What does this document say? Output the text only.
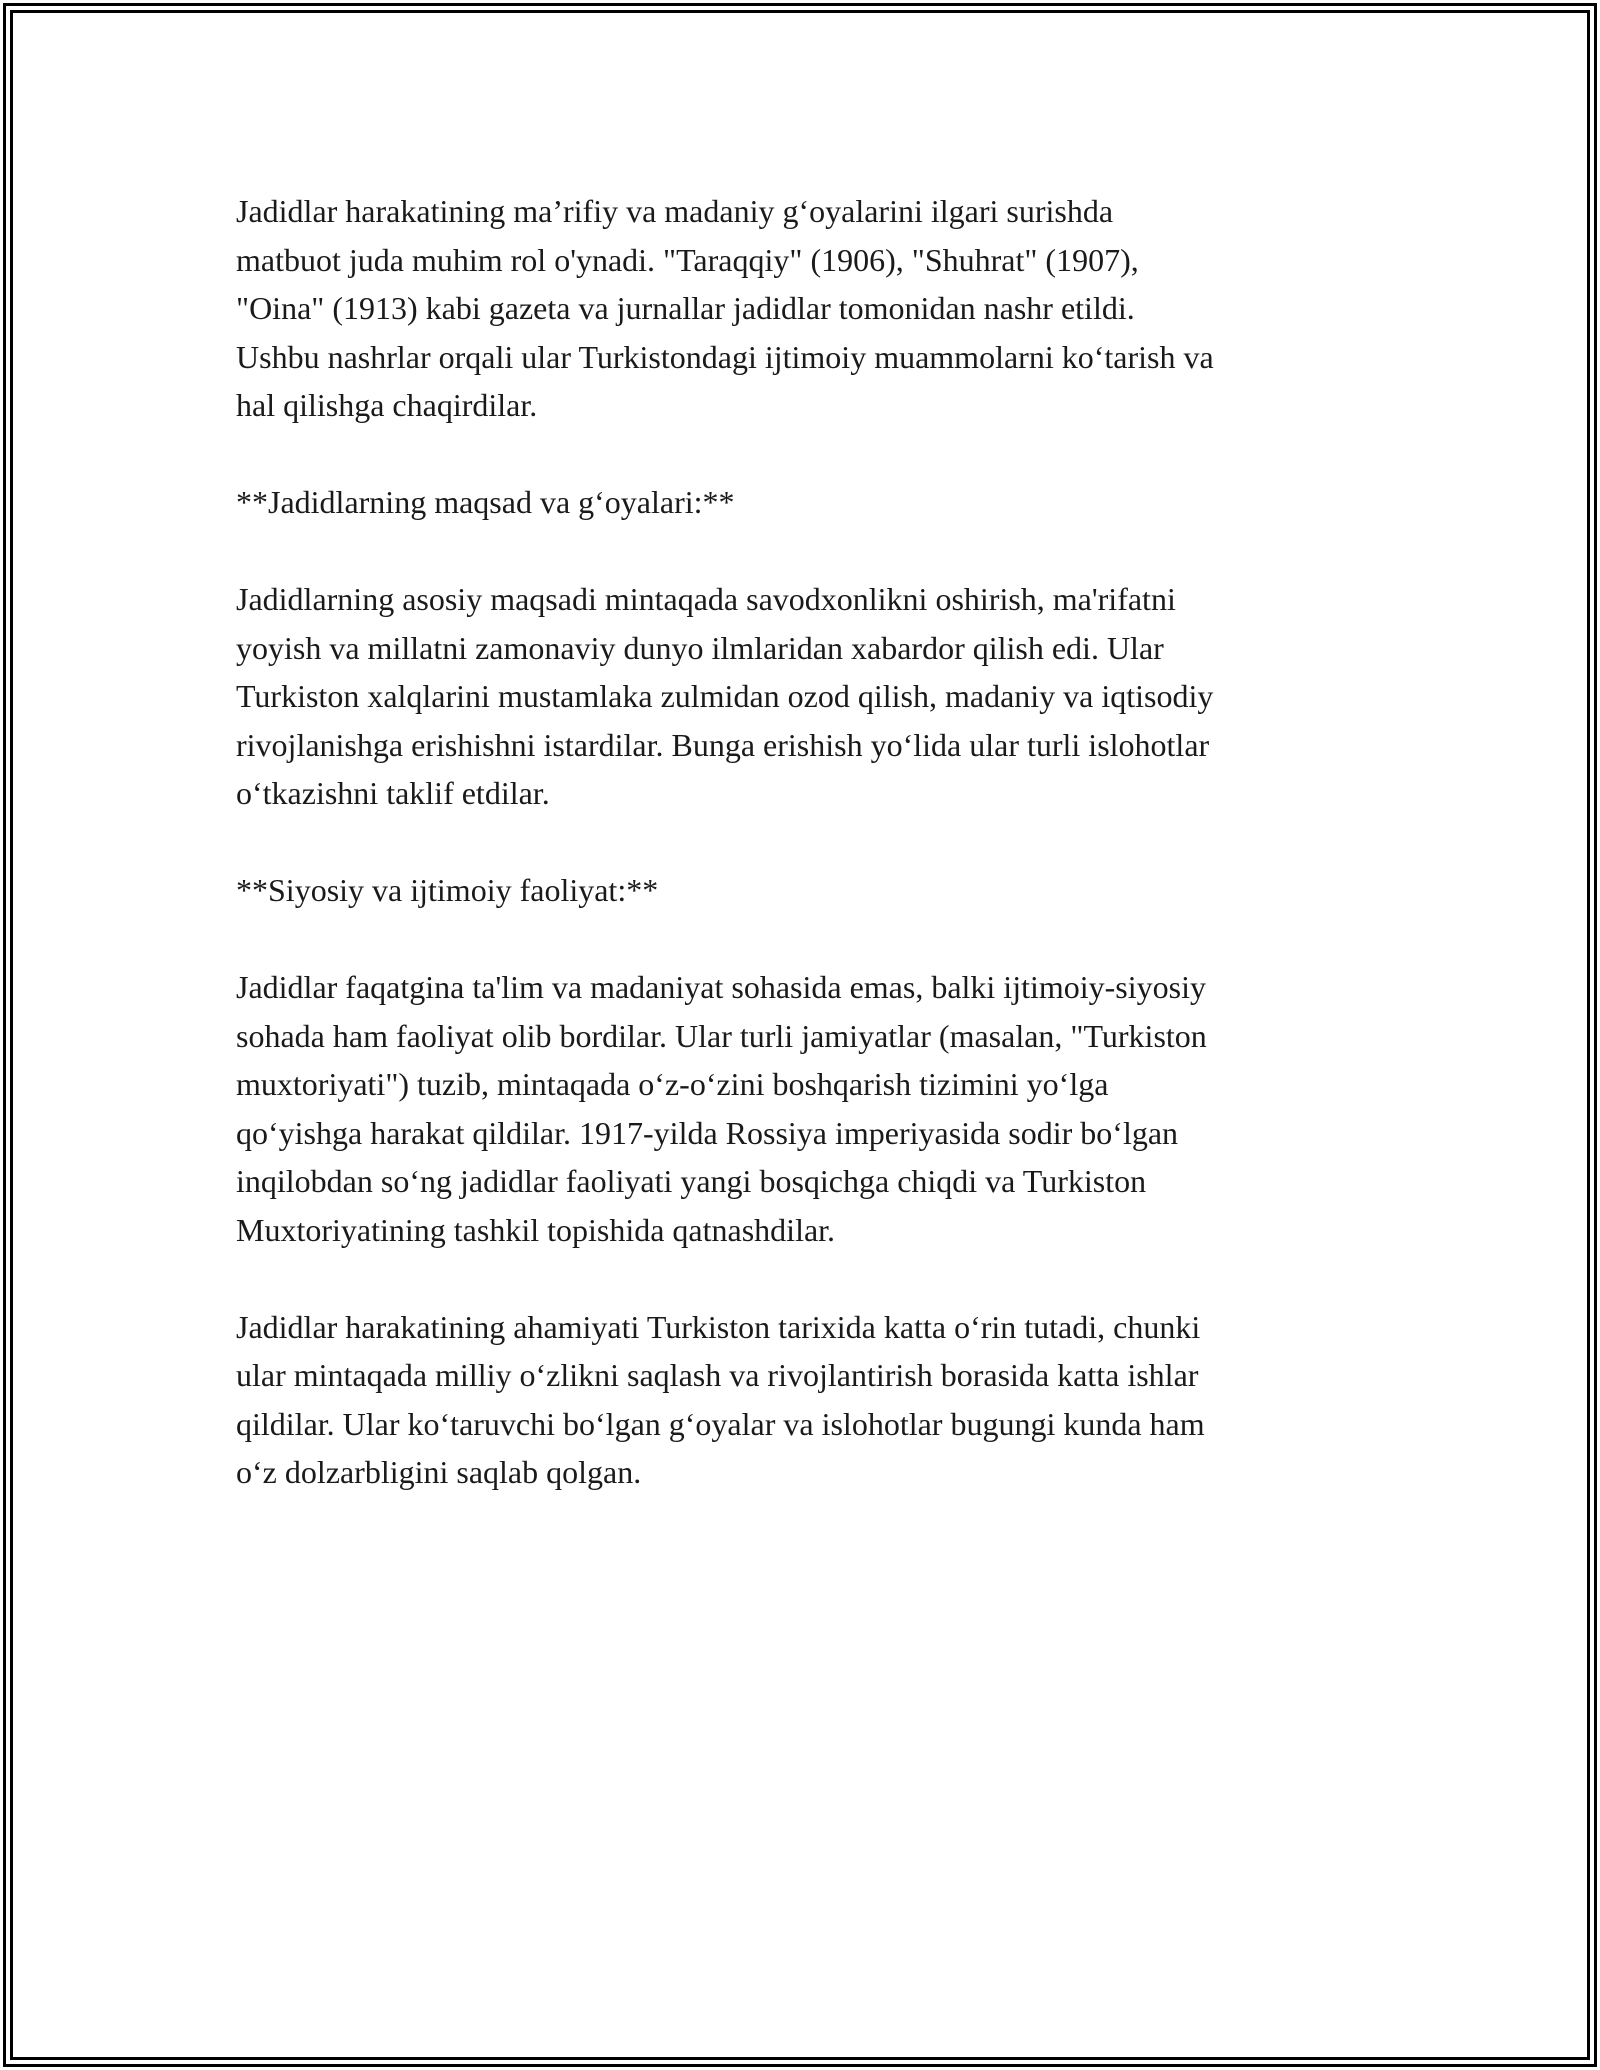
Jadidlar harakatining ma’rifiy va madaniy g‘oyalarini ilgari surishda
matbuot juda muhim rol o'ynadi. "Taraqqiy" (1906), "Shuhrat" (1907),
"Oina" (1913) kabi gazeta va jurnallar jadidlar tomonidan nashr etildi.
Ushbu nashrlar orqali ular Turkistondagi ijtimoiy muammolarni ko‘tarish va
hal qilishga chaqirdilar.

**Jadidlarning maqsad va g‘oyalari:**

Jadidlarning asosiy maqsadi mintaqada savodxonlikni oshirish, ma'rifatni
yoyish va millatni zamonaviy dunyo ilmlaridan xabardor qilish edi. Ular
Turkiston xalqlarini mustamlaka zulmidan ozod qilish, madaniy va iqtisodiy
rivojlanishga erishishni istardilar. Bunga erishish yo‘lida ular turli islohotlar
o‘tkazishni taklif etdilar.

**Siyosiy va ijtimoiy faoliyat:**

Jadidlar faqatgina ta'lim va madaniyat sohasida emas, balki ijtimoiy-siyosiy
sohada ham faoliyat olib bordilar. Ular turli jamiyatlar (masalan, "Turkiston
muxtoriyati") tuzib, mintaqada o‘z-o‘zini boshqarish tizimini yo‘lga
qo‘yishga harakat qildilar. 1917-yilda Rossiya imperiyasida sodir bo‘lgan
inqilobdan so‘ng jadidlar faoliyati yangi bosqichga chiqdi va Turkiston
Muxtoriyatining tashkil topishida qatnashdilar.

Jadidlar harakatining ahamiyati Turkiston tarixida katta o‘rin tutadi, chunki
ular mintaqada milliy o‘zlikni saqlash va rivojlantirish borasida katta ishlar
qildilar. Ular ko‘taruvchi bo‘lgan g‘oyalar va islohotlar bugungi kunda ham
o‘z dolzarbligini saqlab qolgan.
